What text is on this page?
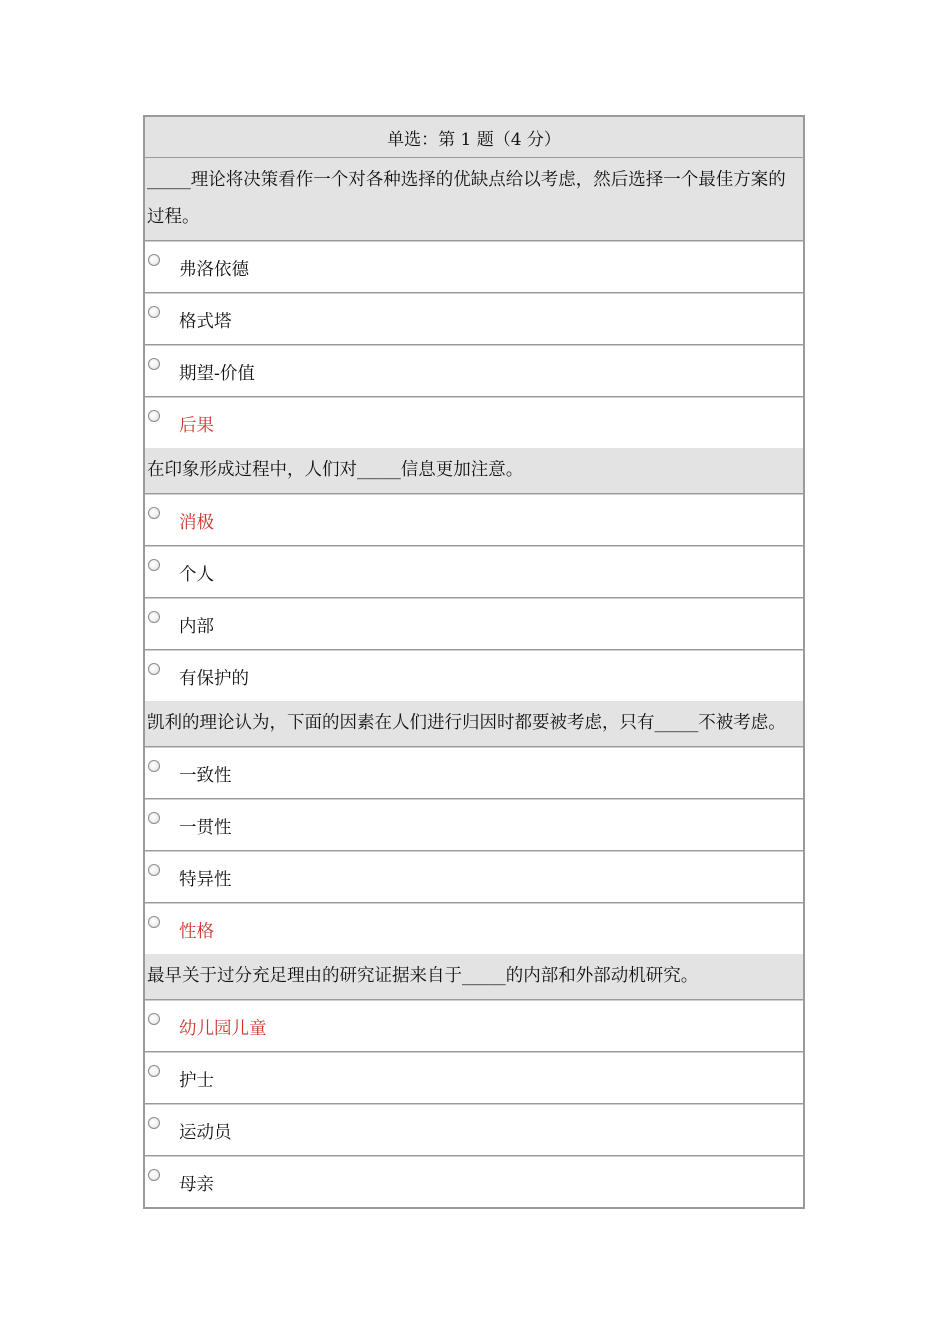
单选：第 1 题（4 分）
_____理论将决策看作一个对各种选择的优缺点给以考虑，然后选择一个最佳方案的过程。
弗洛依德
格式塔
期望-价值
后果
在印象形成过程中，人们对_____信息更加注意。
消极
个人
内部
有保护的
凯利的理论认为，下面的因素在人们进行归因时都要被考虑，只有_____不被考虑。
一致性
一贯性
特异性
性格
最早关于过分充足理由的研究证据来自于_____的内部和外部动机研究。
幼儿园儿童
护士
运动员
母亲
